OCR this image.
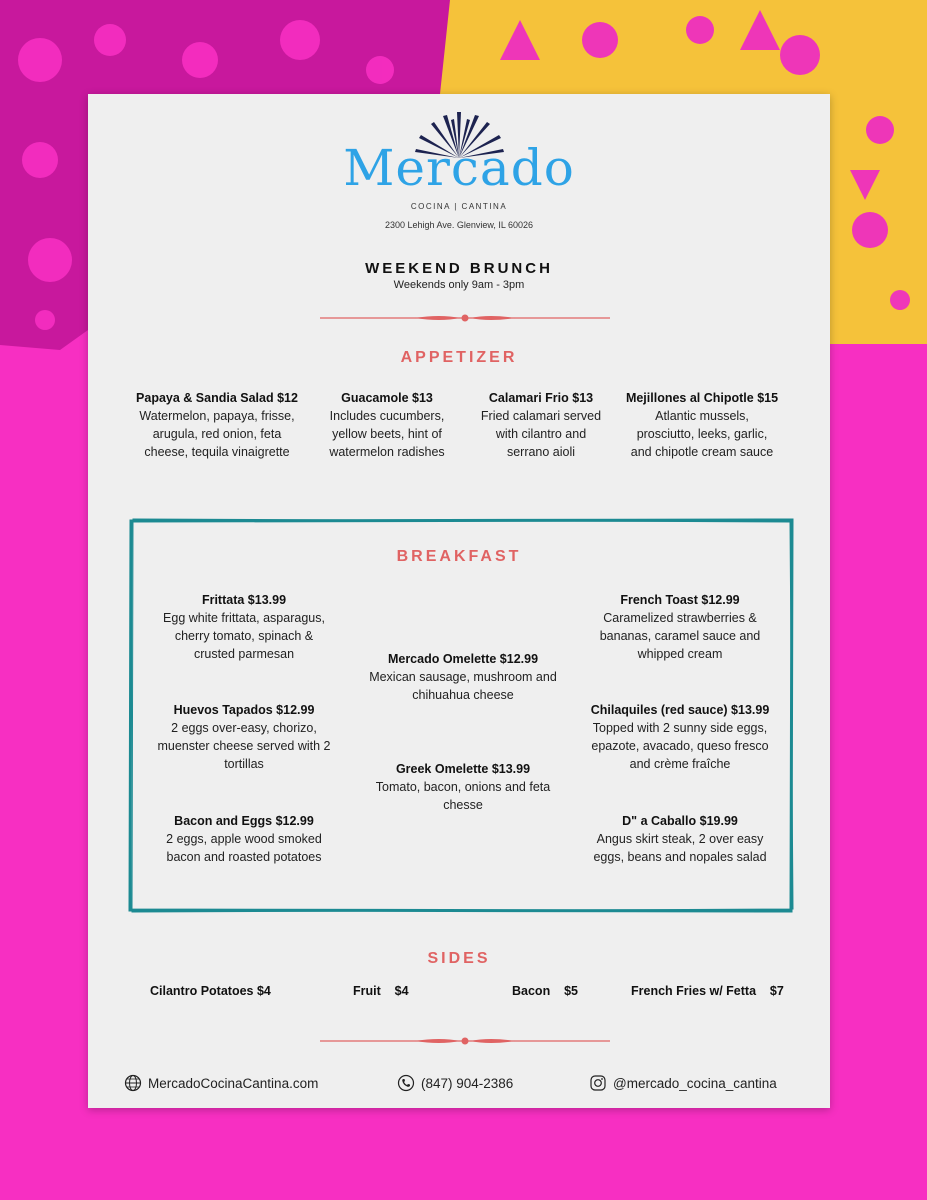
Mercado
COCINA | CANTINA
2300 Lehigh Ave. Glenview, IL 60026
WEEKEND BRUNCH
Weekends only 9am - 3pm
APPETIZER
Papaya & Sandia Salad $12
Watermelon, papaya, frisse,
arugula, red onion, feta
cheese, tequila vinaigrette
Guacamole $13
Includes cucumbers,
yellow beets, hint of
watermelon radishes
Calamari Frio $13
Fried calamari served
with cilantro and
serrano aioli
Mejillones al Chipotle $15
Atlantic mussels,
prosciutto, leeks, garlic,
and chipotle cream sauce
BREAKFAST
Frittata $13.99
Egg white frittata, asparagus,
cherry tomato, spinach &
crusted parmesan
Huevos Tapados $12.99
2 eggs over-easy, chorizo,
muenster cheese served with 2
tortillas
Bacon and Eggs $12.99
2 eggs, apple wood smoked
bacon and roasted potatoes
Mercado Omelette $12.99
Mexican sausage, mushroom and
chihuahua cheese
Greek Omelette $13.99
Tomato, bacon, onions and feta
chesse
French Toast $12.99
Caramelized strawberries &
bananas, caramel sauce and
whipped cream
Chilaquiles (red sauce) $13.99
Topped with 2 sunny side eggs,
epazote, avacado, queso fresco
and crème fraîche
D" a Caballo $19.99
Angus skirt steak, 2 over easy
eggs, beans and nopales salad
SIDES
Cilantro Potatoes $4	Fruit    $4	Bacon    $5	French Fries w/ Fetta    $7
MercadoCocinaCantina.com	(847) 904-2386	@mercado_cocina_cantina
